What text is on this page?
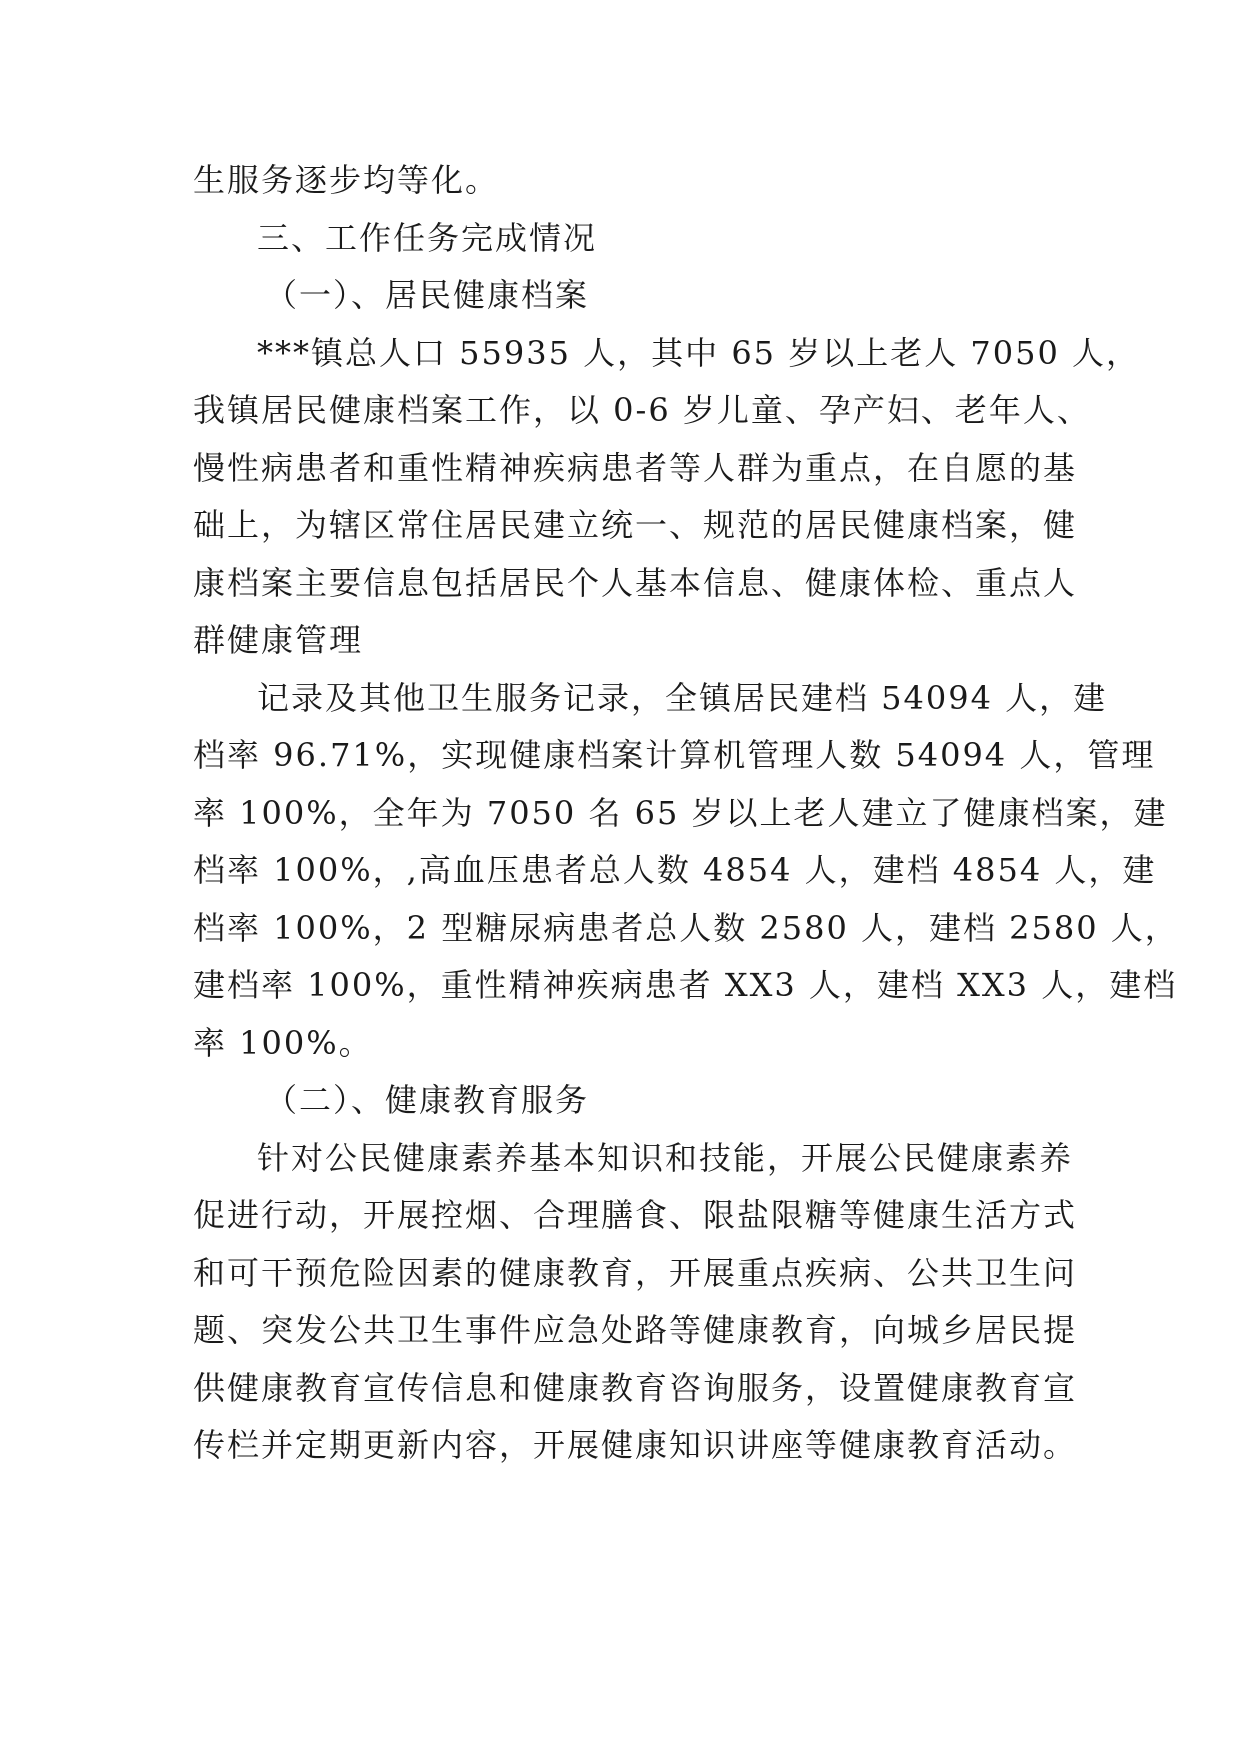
生服务逐步均等化。

三、工作任务完成情况

（一）、居民健康档案

***镇总人口 55935 人，其中 65 岁以上老人 7050 人，

我镇居民健康档案工作，以 0-6 岁儿童、孕产妇、老年人、

慢性病患者和重性精神疾病患者等人群为重点，在自愿的基

础上，为辖区常住居民建立统一、规范的居民健康档案，健

康档案主要信息包括居民个人基本信息、健康体检、重点人

群健康管理

记录及其他卫生服务记录，全镇居民建档 54094 人，建

档率 96.71%，实现健康档案计算机管理人数 54094 人，管理

率 100%，全年为 7050 名 65 岁以上老人建立了健康档案，建

档率 100%，,高血压患者总人数 4854 人，建档 4854 人，建

档率 100%，2 型糖尿病患者总人数 2580 人，建档 2580 人，

建档率 100%，重性精神疾病患者 XX3 人，建档 XX3 人，建档

率 100%。

（二）、健康教育服务

针对公民健康素养基本知识和技能，开展公民健康素养

促进行动，开展控烟、合理膳食、限盐限糖等健康生活方式

和可干预危险因素的健康教育，开展重点疾病、公共卫生问

题、突发公共卫生事件应急处路等健康教育，向城乡居民提

供健康教育宣传信息和健康教育咨询服务，设置健康教育宣

传栏并定期更新内容，开展健康知识讲座等健康教育活动。
